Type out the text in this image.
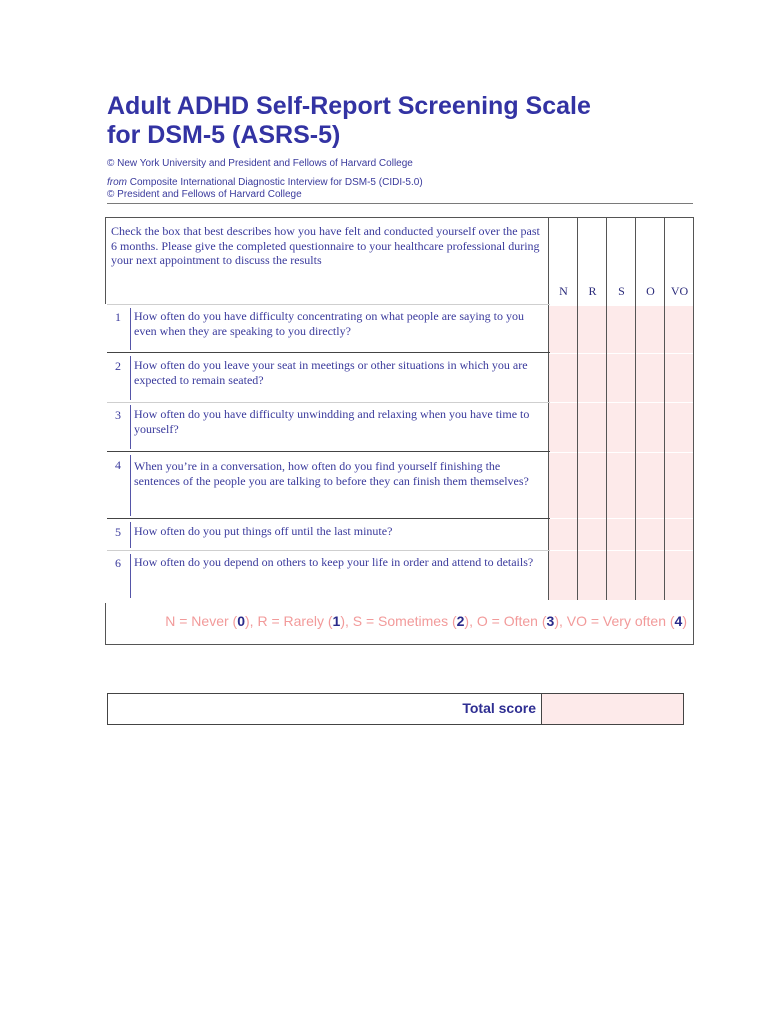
Adult ADHD Self-Report Screening Scale
for DSM-5 (ASRS-5)
© New York University and President and Fellows of Harvard College
from Composite International Diagnostic Interview for DSM-5 (CIDI-5.0)
© President and Fellows of Harvard College
Check the box that best describes how you have felt and conducted yourself over the past 6 months. Please give the completed questionnaire to your healthcare professional during your next appointment to discuss the results
N	R	S	O	VO
1	How often do you have difficulty concentrating on what people are saying to you even when they are speaking to you directly?
2	How often do you leave your seat in meetings or other situations in which you are expected to remain seated?
3	How often do you have difficulty unwindding and relaxing when you have time to yourself?
4	When you’re in a conversation, how often do you find yourself finishing the sentences of the people you are talking to before they can finish them themselves?
5	How often do you put things off until the last minute?
6	How often do you depend on others to keep your life in order and attend to details?
N = Never (0), R = Rarely (1), S = Sometimes (2), O = Often (3), VO = Very often (4)
Total score
